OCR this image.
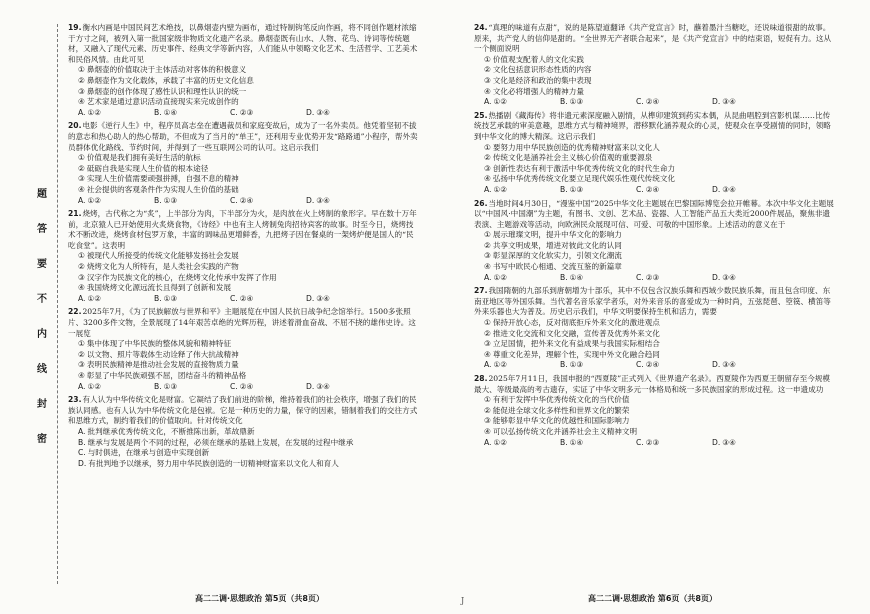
密
封
线
内
不
要
答
题
19.衡水内画是中国民间艺术绝技，以鼻烟壶内壁为画布，通过特制钩笔反向作画，将不同创作题材浓缩于方寸之间，被列入第一批国家级非物质文化遗产名录。鼻烟壶既有山水、人物、花鸟、诗词等传统题材，又融入了现代元素、历史事件、经典文学等新内容，人们能从中领略文化艺术、生活哲学、工艺美术和民俗风情。由此可见
① 鼻烟壶的价值取决于主体活动对客体的积极意义
② 鼻烟壶作为文化载体，承载了丰富的历史文化信息
③ 鼻烟壶的创作体现了感性认识和理性认识的统一
④ 艺术家是通过意识活动直接现实来完成创作的
A. ①②	B. ①④	C. ②③	D. ③④
20.电影《逆行人生》中，程序员高志垒在遭遇裁员和家庭变故后，成为了一名外卖员。他凭着坚韧不拔的意志和热心助人的热心帮助，不但成为了当月的“单王”，还利用专业优势开发“路路通”小程序，帮外卖员群体优化路线、节约时间，并得到了一些互联网公司的认可。这启示我们
① 价值观是我们拥有美好生活的航标
② 砥砺自我是实现人生价值的根本途径
③ 实现人生价值需要顽强拼搏，自强不息的精神
④ 社会提供的客观条件作为实现人生价值的基础
A. ①②	B. ①③	C. ②④	D. ③④
21.烧烤，古代称之为“炙”，上半部分为肉，下半部分为火，是肉放在火上烤制的象形字。早在数十万年前，北京猿人已开始使用火炙烧食物，《诗经》中也有主人烤制兔肉招待宾客的故事。时至今日，烧烤技术不断改进，烧烤食材包罗万象，丰富的调味品更增鲜香，九把烤子因在餐桌的一架烤炉便是国人的“民吃食堂”。这表明
① 被现代人所接受的传统文化能够发扬社会发展
② 烧烤文化为人所特有，是人类社会实践的产物
③ 汉字作为民族文化的核心，在烧烤文化传承中发挥了作用
④ 我国烧烤文化源远流长且得到了创新和发展
A. ①②	B. ①③	C. ②④	D. ③④
22.2025年7月，《为了民族解放与世界和平》主题展览在中国人民抗日战争纪念馆举行。1500多张照片、3200多件文物，全景展现了14年艰苦卓绝的光辉历程，讲述着滑血奋战、不屈不挠的雄伟史诗。这一展览
① 集中体现了中华民族的整体风貌和精神特征
② 以文物、照片等载体生动诠释了伟大抗战精神
③ 表明民族精神是推动社会发展的直接物质力量
④ 彰显了中华民族顽强不屈，团结奋斗的精神品格
A. ①②	B. ①③	C. ②④	D. ③④
23.有人认为中华传统文化是财富。它凝结了我们前进的阶梯，维持着我们的社会秩序，增强了我们的民族认同感。也有人认为中华传统文化是包袱。它是一种历史的力量，保守的因素，错制着我们的交往方式和思维方式，制约着我们的价值取向。针对传统文化
A. 批判继承优秀传统文化，不断推陈出新，革故鼎新
B. 继承与发展是两个不同的过程，必须在继承的基础上发展，在发展的过程中继承
C. 与时俱进，在继承与创造中实现创新
D. 有批判地予以继承，努力用中华民族创造的一切精神财富来以文化人和育人
24.“真理的味道有点甜”，说的是陈望道翻译《共产党宣言》时，蘸着墨汁当糖吃，还说味道很甜的故事。原来，共产党人的信仰是甜的。“全世界无产者联合起来”，是《共产党宣言》中的结束语，短促有力。这从一个侧面说明
① 价值观支配着人的文化实践
② 文化包括意识形态性质的内容
③ 文化是经济和政治的集中表现
④ 文化必将增强人的精神力量
A. ①②	B. ①③	C. ②④	D. ③④
25.热播剧《藏海传》将非遗元素深度融入剧情，从榫卯建筑到药实本偶，从昆曲唱腔到宫影机谋……比传统技艺承载的审美意趣，思维方式与精神境界，潜移默化涵养观众的心灵，使观众在享受剧情的同时，领略到中华文化的博大精深。这启示我们
① 要努力用中华民族创造的优秀精神财富来以文化人
② 传统文化是涵养社会主义核心价值观的重要源泉
③ 创新性表达有利于激活中华优秀传统文化的时代生命力
④ 弘扬中华优秀传统文化要立足现代娱乐性观代传统文化
A. ①②	B. ①③	C. ②④	D. ③④
26.当地时间4月30日，“漫鉴中国”2025中华文化主题展在巴黎国际博览会拉开帷幕。本次中华文化主题展以“中国风·中国潮”为主题，有图书、文创、艺术品、瓷器、人工智能产品五大类近2000件展品，聚焦非遗表演、主题游戏等活动，向欧洲民众展现可信、可爱、可敬的中国形象。上述活动的意义在于
① 展示璀璨文明，提升中华文化的影响力
② 共享文明成果，增进对彼此文化的认同
③ 彰显深厚的文化软实力，引领文化潮流
④ 书写中欧民心相通、交流互鉴的新篇章
A. ①②	B. ①④	C. ②③	D. ③④
27.我国隋朝的九部乐到唐朝增为十部乐，其中不仅包含汉族乐舞和西域少数民族乐舞，而且包含印度、东南亚地区等外国乐舞。当代著名音乐家学者乐，对外来音乐的喜爱成为一种时尚，五弦琵琶、箜篌、横笛等外来乐器也大为普及。历史启示我们，中华文明要保持生机和活力，需要
① 保持开放心态，反对彻底拒斥外来文化的激进观点
② 推进文化交流和文化交融，宣传普及优秀外来文化
③ 立足国情，把外来文化有益成果与我国实际相结合
④ 尊重文化差异，理解个性，实现中外文化融合趋同
A. ①②	B. ①③	C. ②④	D. ③④
28.2025年7月11日，我国申报的“西夏陵”正式列入《世界遗产名录》。西夏陵作为西夏王朝留存至今规模最大、等级最高的考古遗存，实证了中华文明多元一体格局和统一多民族国家的形成过程。这一申遗成功
① 有利于发挥中华优秀传统文化的当代价值
② 能促进全球文化多样性和世界文化的繁荣
③ 能够彰显中华文化的优越性和国际影响力
④ 可以弘扬传统文化并涵养社会主义精神文明
A. ①②	B. ①④	C. ②③	D. ③④
高二二调·思想政治 第5页（共8页）	J	高二二调·思想政治 第6页（共8页）
